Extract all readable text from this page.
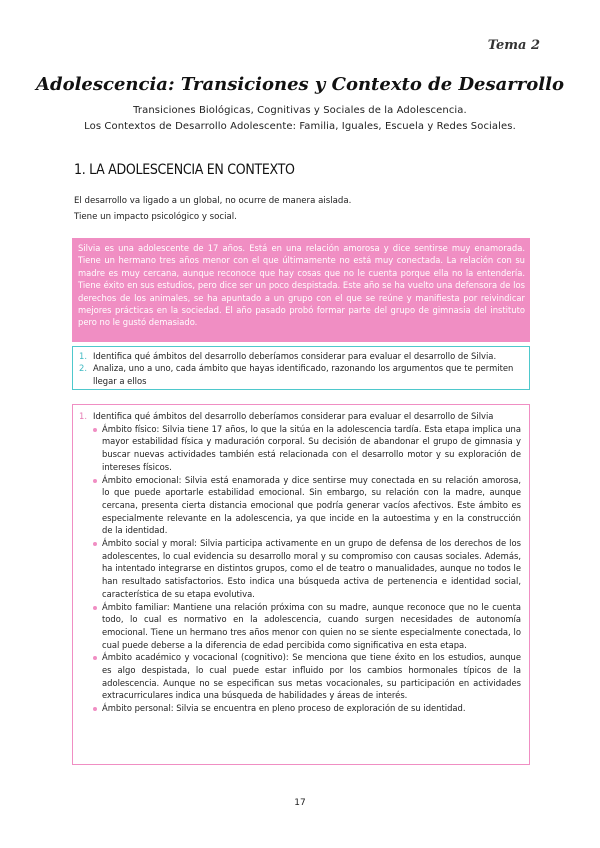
Tema 2
Adolescencia: Transiciones y Contexto de Desarrollo
Transiciones Biológicas, Cognitivas y Sociales de la Adolescencia.
Los Contextos de Desarrollo Adolescente: Familia, Iguales, Escuela y Redes Sociales.
1. LA ADOLESCENCIA EN CONTEXTO
El desarrollo va ligado a un global, no ocurre de manera aislada.
Tiene un impacto psicológico y social.
Silvia es una adolescente de 17 años. Está en una relación amorosa y dice sentirse muy enamorada. Tiene un hermano tres años menor con el que últimamente no está muy conectada. La relación con su madre es muy cercana, aunque reconoce que hay cosas que no le cuenta porque ella no la entendería. Tiene éxito en sus estudios, pero dice ser un poco despistada. Este año se ha vuelto una defensora de los derechos de los animales, se ha apuntado a un grupo con el que se reúne y manifiesta por reivindicar mejores prácticas en la sociedad. El año pasado probó formar parte del grupo de gimnasia del instituto pero no le gustó demasiado.
1. Identifica qué ámbitos del desarrollo deberíamos considerar para evaluar el desarrollo de Silvia.
2. Analiza, uno a uno, cada ámbito que hayas identificado, razonando los argumentos que te permiten llegar a ellos
1. Identifica qué ámbitos del desarrollo deberíamos considerar para evaluar el desarrollo de Silvia
Ámbito físico: Silvia tiene 17 años, lo que la sitúa en la adolescencia tardía. Esta etapa implica una mayor estabilidad física y maduración corporal. Su decisión de abandonar el grupo de gimnasia y buscar nuevas actividades también está relacionada con el desarrollo motor y su exploración de intereses físicos.
Ámbito emocional: Silvia está enamorada y dice sentirse muy conectada en su relación amorosa, lo que puede aportarle estabilidad emocional. Sin embargo, su relación con la madre, aunque cercana, presenta cierta distancia emocional que podría generar vacíos afectivos. Este ámbito es especialmente relevante en la adolescencia, ya que incide en la autoestima y en la construcción de la identidad.
Ámbito social y moral: Silvia participa activamente en un grupo de defensa de los derechos de los adolescentes, lo cual evidencia su desarrollo moral y su compromiso con causas sociales. Además, ha intentado integrarse en distintos grupos, como el de teatro o manualidades, aunque no todos le han resultado satisfactorios. Esto indica una búsqueda activa de pertenencia e identidad social, característica de su etapa evolutiva.
Ámbito familiar: Mantiene una relación próxima con su madre, aunque reconoce que no le cuenta todo, lo cual es normativo en la adolescencia, cuando surgen necesidades de autonomía emocional. Tiene un hermano tres años menor con quien no se siente especialmente conectada, lo cual puede deberse a la diferencia de edad percibida como significativa en esta etapa.
Ámbito académico y vocacional (cognitivo): Se menciona que tiene éxito en los estudios, aunque es algo despistada, lo cual puede estar influido por los cambios hormonales típicos de la adolescencia. Aunque no se especifican sus metas vocacionales, su participación en actividades extracurriculares indica una búsqueda de habilidades y áreas de interés.
Ámbito personal: Silvia se encuentra en pleno proceso de exploración de su identidad.
17
